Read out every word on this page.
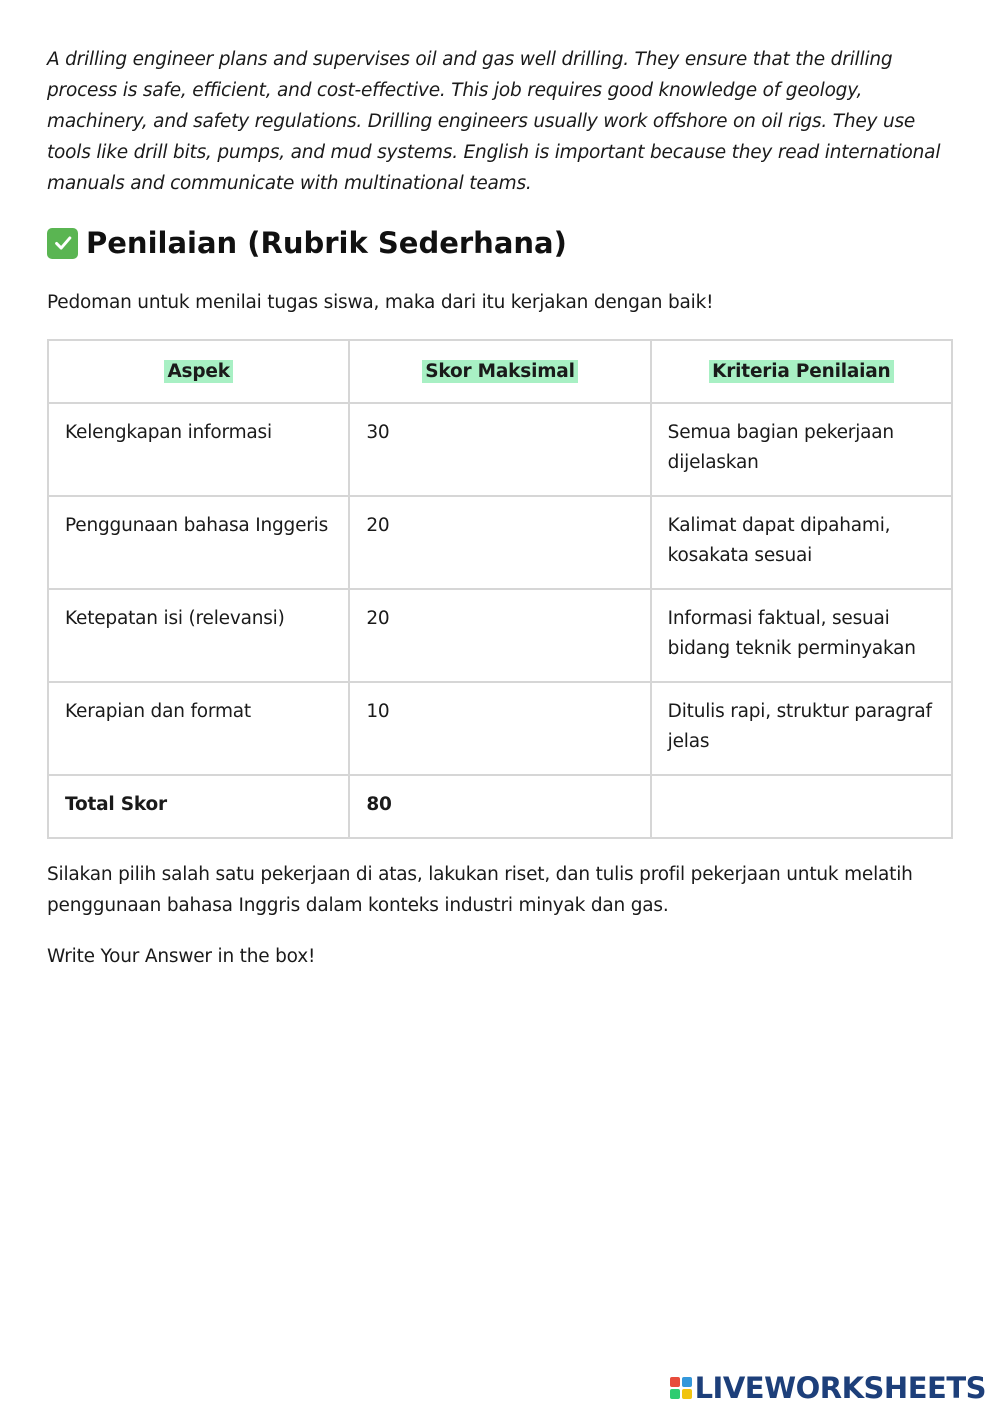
A drilling engineer plans and supervises oil and gas well drilling. They ensure that the drilling process is safe, efficient, and cost-effective. This job requires good knowledge of geology, machinery, and safety regulations. Drilling engineers usually work offshore on oil rigs. They use tools like drill bits, pumps, and mud systems. English is important because they read international manuals and communicate with multinational teams.

Penilaian (Rubrik Sederhana)

Pedoman untuk menilai tugas siswa, maka dari itu kerjakan dengan baik!

Aspek	Skor Maksimal	Kriteria Penilaian
Kelengkapan informasi	30	Semua bagian pekerjaan dijelaskan
Penggunaan bahasa Inggeris	20	Kalimat dapat dipahami, kosakata sesuai
Ketepatan isi (relevansi)	20	Informasi faktual, sesuai bidang teknik perminyakan
Kerapian dan format	10	Ditulis rapi, struktur paragraf jelas
Total Skor	80	

Silakan pilih salah satu pekerjaan di atas, lakukan riset, dan tulis profil pekerjaan untuk melatih penggunaan bahasa Inggris dalam konteks industri minyak dan gas.

Write Your Answer in the box!

LIVEWORKSHEETS
